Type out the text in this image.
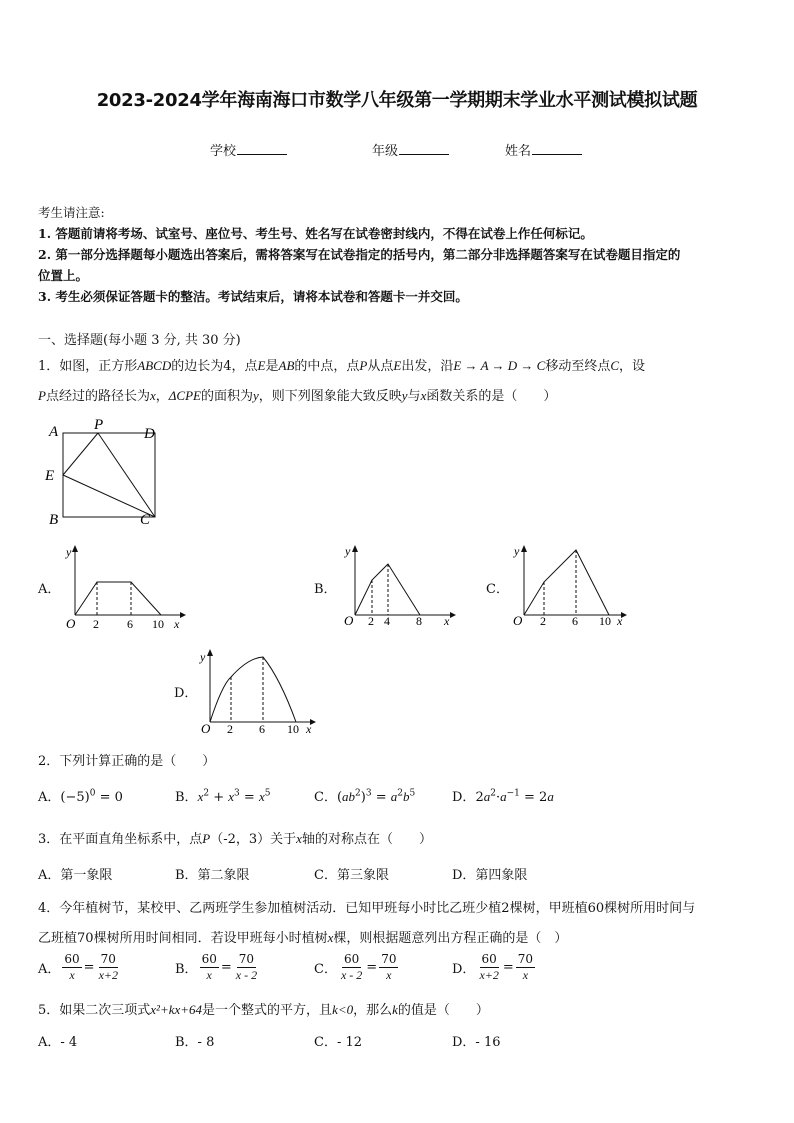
2023-2024学年海南海口市数学八年级第一学期期末学业水平测试模拟试题
学校	年级	姓名
考生请注意:
1. 答题前请将考场、试室号、座位号、考生号、姓名写在试卷密封线内，不得在试卷上作任何标记。
2. 第一部分选择题每小题选出答案后，需将答案写在试卷指定的括号内，第二部分非选择题答案写在试卷题目指定的
位置上。
3. 考生必须保证答题卡的整洁。考试结束后，请将本试卷和答题卡一并交回。
一、选择题(每小题 3 分, 共 30 分)
1．如图，正方形ABCD的边长为4，点E是AB的中点，点P从点E出发，沿E → A → D → C移动至终点C，设
P点经过的路径长为x，ΔCPE的面积为y，则下列图象能大致反映y与x函数关系的是（　　）
A P
D
E
B	C
A．	B．	C．
D．
y
x
O 2 6 10
y
x
O 2 4 8
y
x
O 2 6 10
y
x
O 2 6 10
2．下列计算正确的是（　　）
A．$(-5)^0 = 0$	B．$x^2 + x^3 = x^5$	C．$(ab^2)^3 = a^2b^5$	D．$2a^2\cdot a^{-1} = 2a$
3．在平面直角坐标系中，点P（-2，3）关于x轴的对称点在（　　）
A．第一象限	B．第二象限	C．第三象限	D．第四象限
4．今年植树节，某校甲、乙两班学生参加植树活动．已知甲班每小时比乙班少植2棵树，甲班植60棵树所用时间与
乙班植70棵树所用时间相同．若设甲班每小时植树x棵，则根据题意列出方程正确的是（　）
A． $\frac{60}{x} = \frac{70}{x+2}$	B． $\frac{60}{x} = \frac{70}{x - 2}$	C． $\frac{60}{x - 2} = \frac{70}{x}$	D． $\frac{60}{x+2} = \frac{70}{x}$
5．如果二次三项式x²+kx+64是一个整式的平方，且k<0，那么k的值是（　　）
A．- 4	B．- 8	C．- 12	D．- 16
